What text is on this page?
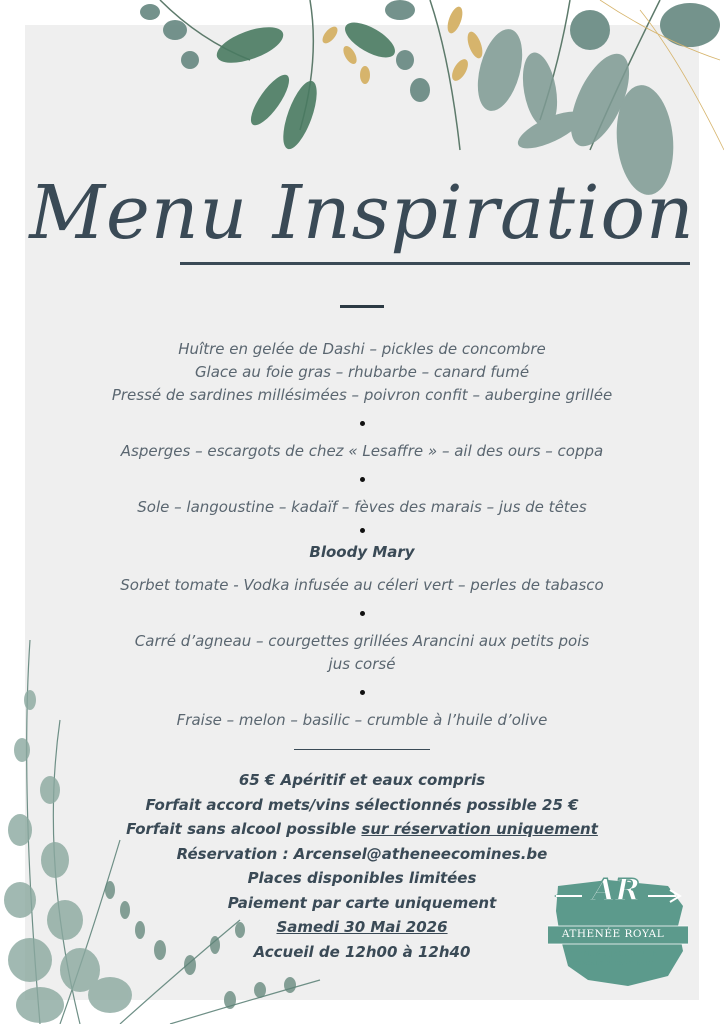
Menu Inspiration
Huître en gelée de Dashi – pickles de concombre
Glace au foie gras – rhubarbe – canard fumé
Pressé de sardines millésimées – poivron confit – aubergine grillée
Asperges – escargots de chez « Lesaffre » – ail des ours – coppa
Sole – langoustine – kadaïf – fèves des marais – jus de têtes
Bloody Mary
Sorbet tomate - Vodka infusée au céleri vert – perles de tabasco
Carré d’agneau – courgettes grillées Arancini aux petits pois
jus corsé
Fraise – melon – basilic – crumble à l’huile d’olive
65 € Apéritif et eaux compris
Forfait accord mets/vins sélectionnés possible 25 €
Forfait sans alcool possible sur réservation uniquement
Réservation : Arcensel@atheneecomines.be
Places disponibles limitées
Paiement par carte uniquement
Samedi 30 Mai 2026
Accueil de 12h00 à 12h40
AR
ATHENÉE ROYAL
FERNAND JACQUEMIN
COMINES-PLOEGSTEERT
